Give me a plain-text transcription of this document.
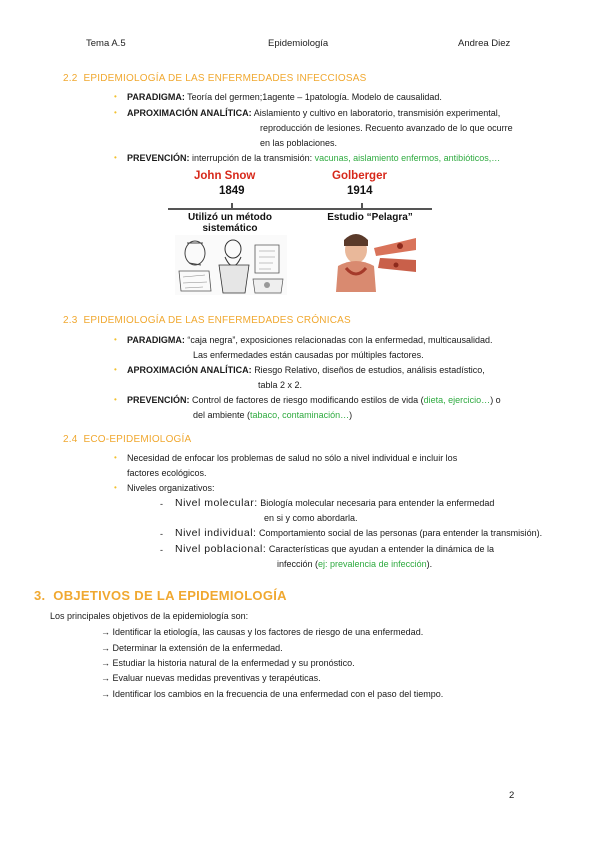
Tema A.5	Epidemiología	Andrea Diez
2.2 EPIDEMIOLOGÍA DE LAS ENFERMEDADES INFECCIOSAS
• PARADIGMA: Teoría del germen;1agente – 1patología. Modelo de causalidad.
• APROXIMACIÓN ANALÍTICA: Aislamiento y cultivo en laboratorio, transmisión experimental,
reproducción de lesiones. Recuento avanzado de lo que ocurre
en las poblaciones.
• PREVENCIÓN: interrupción de la transmisión: vacunas, aislamiento enfermos, antibióticos,…
John Snow
1849
Golberger
1914
Utilizó un método
sistemático
Estudio “Pelagra”
2.3 EPIDEMIOLOGÍA DE LAS ENFERMEDADES CRÓNICAS
• PARADIGMA: “caja negra”, exposiciones relacionadas con la enfermedad, multicausalidad.
Las enfermedades están causadas por múltiples factores.
• APROXIMACIÓN ANALÍTICA: Riesgo Relativo, diseños de estudios, análisis estadístico,
tabla 2 x 2.
• PREVENCIÓN: Control de factores de riesgo modificando estilos de vida (dieta, ejercicio…) o
del ambiente (tabaco, contaminación…)
2.4 ECO-EPIDEMIOLOGÍA
• Necesidad de enfocar los problemas de salud no sólo a nivel individual e incluir los
factores ecológicos.
• Niveles organizativos:
- Nivel molecular: Biología molecular necesaria para entender la enfermedad
en si y como abordarla.
- Nivel individual: Comportamiento social de las personas (para entender la transmisión).
- Nivel poblacional: Características que ayudan a entender la dinámica de la
infección (ej: prevalencia de infección).
3. OBJETIVOS DE LA EPIDEMIOLOGÍA
Los principales objetivos de la epidemiología son:
→ Identificar la etiología, las causas y los factores de riesgo de una enfermedad.
→ Determinar la extensión de la enfermedad.
→ Estudiar la historia natural de la enfermedad y su pronóstico.
→ Evaluar nuevas medidas preventivas y terapéuticas.
→ Identificar los cambios en la frecuencia de una enfermedad con el paso del tiempo.
2
